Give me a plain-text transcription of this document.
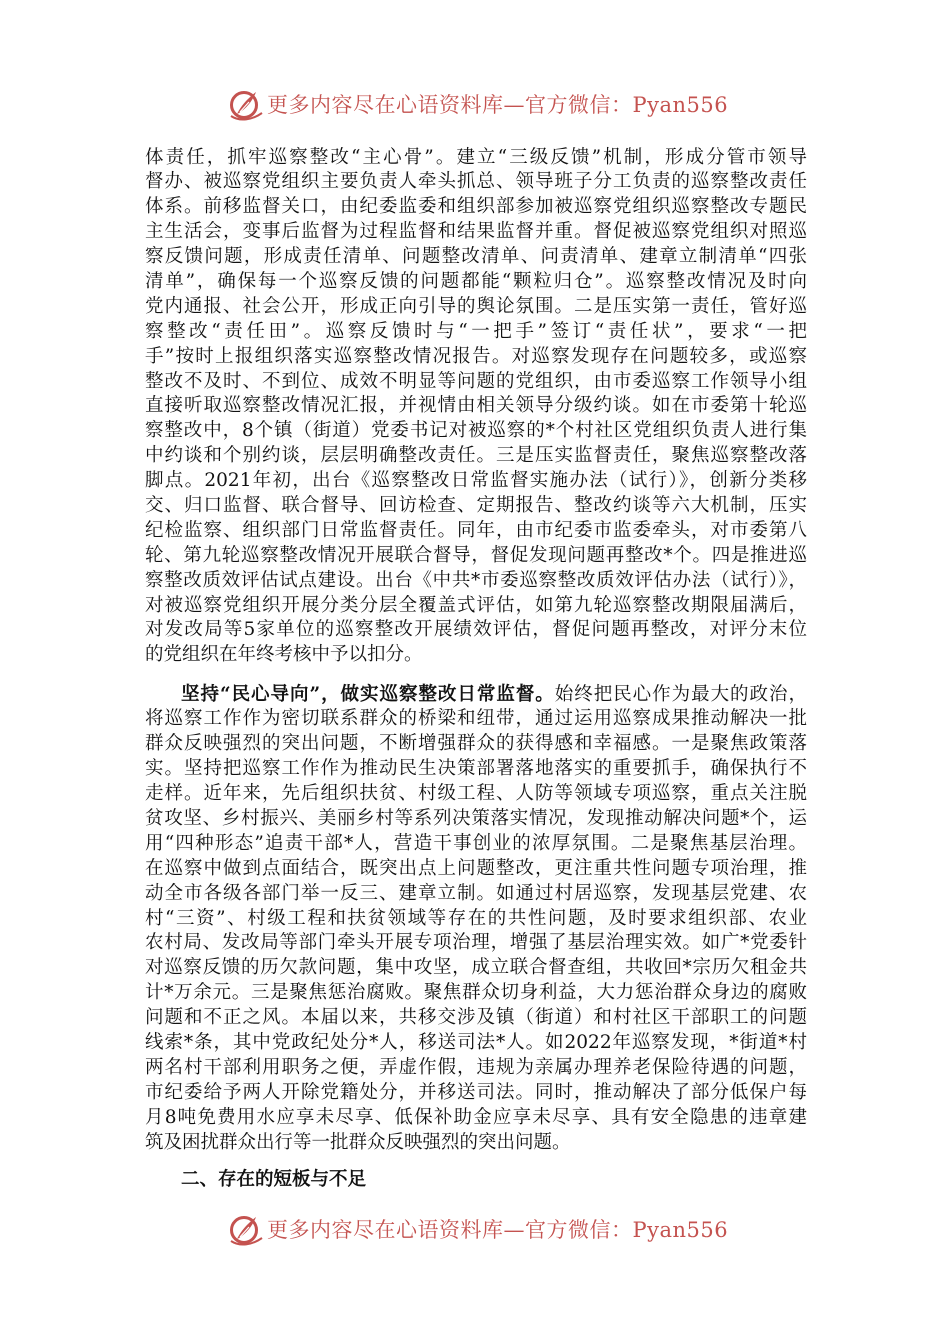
更多内容尽在心语资料库—官方微信：Pyan556
体责任，抓牢巡察整改“主心骨”。建立“三级反馈”机制，形成分管市领导
督办、被巡察党组织主要负责人牵头抓总、领导班子分工负责的巡察整改责任
体系。前移监督关口，由纪委监委和组织部参加被巡察党组织巡察整改专题民
主生活会，变事后监督为过程监督和结果监督并重。督促被巡察党组织对照巡
察反馈问题，形成责任清单、问题整改清单、问责清单、建章立制清单“四张
清单”，确保每一个巡察反馈的问题都能“颗粒归仓”。巡察整改情况及时向
党内通报、社会公开，形成正向引导的舆论氛围。二是压实第一责任，管好巡
察整改“责任田”。巡察反馈时与“一把手”签订“责任状”，要求“一把
手”按时上报组织落实巡察整改情况报告。对巡察发现存在问题较多，或巡察
整改不及时、不到位、成效不明显等问题的党组织，由市委巡察工作领导小组
直接听取巡察整改情况汇报，并视情由相关领导分级约谈。如在市委第十轮巡
察整改中，8个镇（街道）党委书记对被巡察的*个村社区党组织负责人进行集
中约谈和个别约谈，层层明确整改责任。三是压实监督责任，聚焦巡察整改落
脚点。2021年初，出台《巡察整改日常监督实施办法（试行）》，创新分类移
交、归口监督、联合督导、回访检查、定期报告、整改约谈等六大机制，压实
纪检监察、组织部门日常监督责任。同年，由市纪委市监委牵头，对市委第八
轮、第九轮巡察整改情况开展联合督导，督促发现问题再整改*个。四是推进巡
察整改质效评估试点建设。出台《中共*市委巡察整改质效评估办法（试行）》，
对被巡察党组织开展分类分层全覆盖式评估，如第九轮巡察整改期限届满后，
对发改局等5家单位的巡察整改开展绩效评估，督促问题再整改，对评分末位
的党组织在年终考核中予以扣分。
坚持“民心导向”，做实巡察整改日常监督。始终把民心作为最大的政治，
将巡察工作作为密切联系群众的桥梁和纽带，通过运用巡察成果推动解决一批
群众反映强烈的突出问题，不断增强群众的获得感和幸福感。一是聚焦政策落
实。坚持把巡察工作作为推动民生决策部署落地落实的重要抓手，确保执行不
走样。近年来，先后组织扶贫、村级工程、人防等领域专项巡察，重点关注脱
贫攻坚、乡村振兴、美丽乡村等系列决策落实情况，发现推动解决问题*个，运
用“四种形态”追责干部*人，营造干事创业的浓厚氛围。二是聚焦基层治理。
在巡察中做到点面结合，既突出点上问题整改，更注重共性问题专项治理，推
动全市各级各部门举一反三、建章立制。如通过村居巡察，发现基层党建、农
村“三资”、村级工程和扶贫领域等存在的共性问题，及时要求组织部、农业
农村局、发改局等部门牵头开展专项治理，增强了基层治理实效。如广*党委针
对巡察反馈的历欠款问题，集中攻坚，成立联合督查组，共收回*宗历欠租金共
计*万余元。三是聚焦惩治腐败。聚焦群众切身利益，大力惩治群众身边的腐败
问题和不正之风。本届以来，共移交涉及镇（街道）和村社区干部职工的问题
线索*条，其中党政纪处分*人，移送司法*人。如2022年巡察发现，*街道*村
两名村干部利用职务之便，弄虚作假，违规为亲属办理养老保险待遇的问题，
市纪委给予两人开除党籍处分，并移送司法。同时，推动解决了部分低保户每
月8吨免费用水应享未尽享、低保补助金应享未尽享、具有安全隐患的违章建
筑及困扰群众出行等一批群众反映强烈的突出问题。
二、存在的短板与不足
更多内容尽在心语资料库—官方微信：Pyan556
